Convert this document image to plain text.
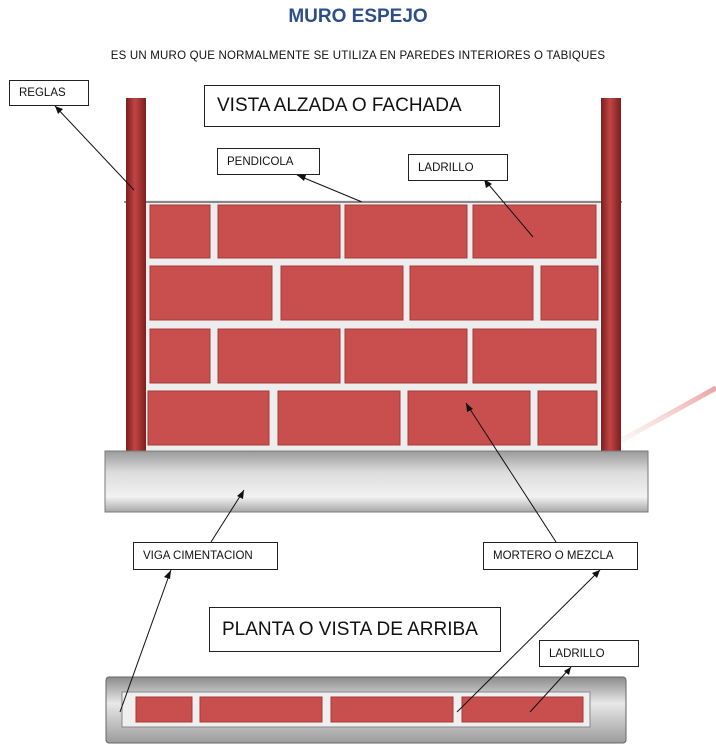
MURO ESPEJO
ES UN MURO QUE NORMALMENTE SE UTILIZA EN PAREDES INTERIORES O TABIQUES
REGLAS
VISTA ALZADA O FACHADA
PENDICOLA	LADRILLO
VIGA CIMENTACION	MORTERO O MEZCLA
PLANTA O VISTA DE ARRIBA
LADRILLO
